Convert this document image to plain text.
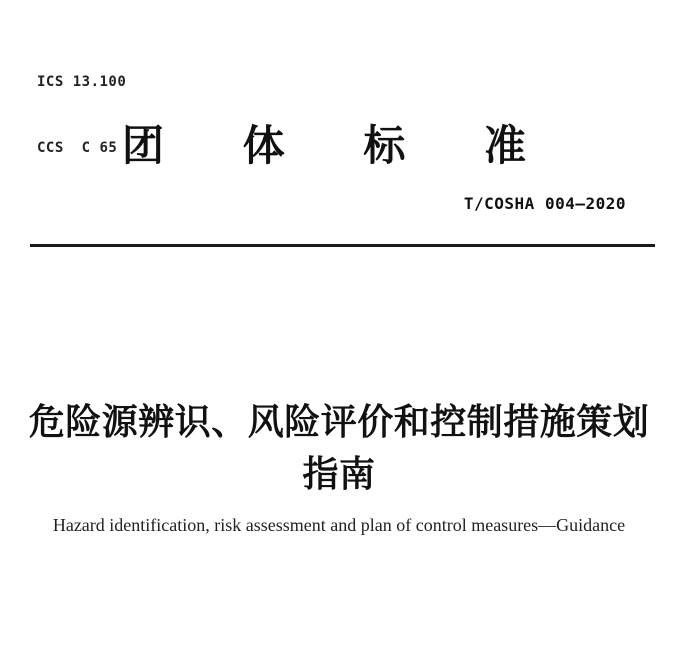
ICS 13.100

CCS  C 65

团 体 标 准
T/COSHA 004—2020
危险源辨识、风险评价和控制措施策划
指南
Hazard identification, risk assessment and plan of control measures—Guidance
